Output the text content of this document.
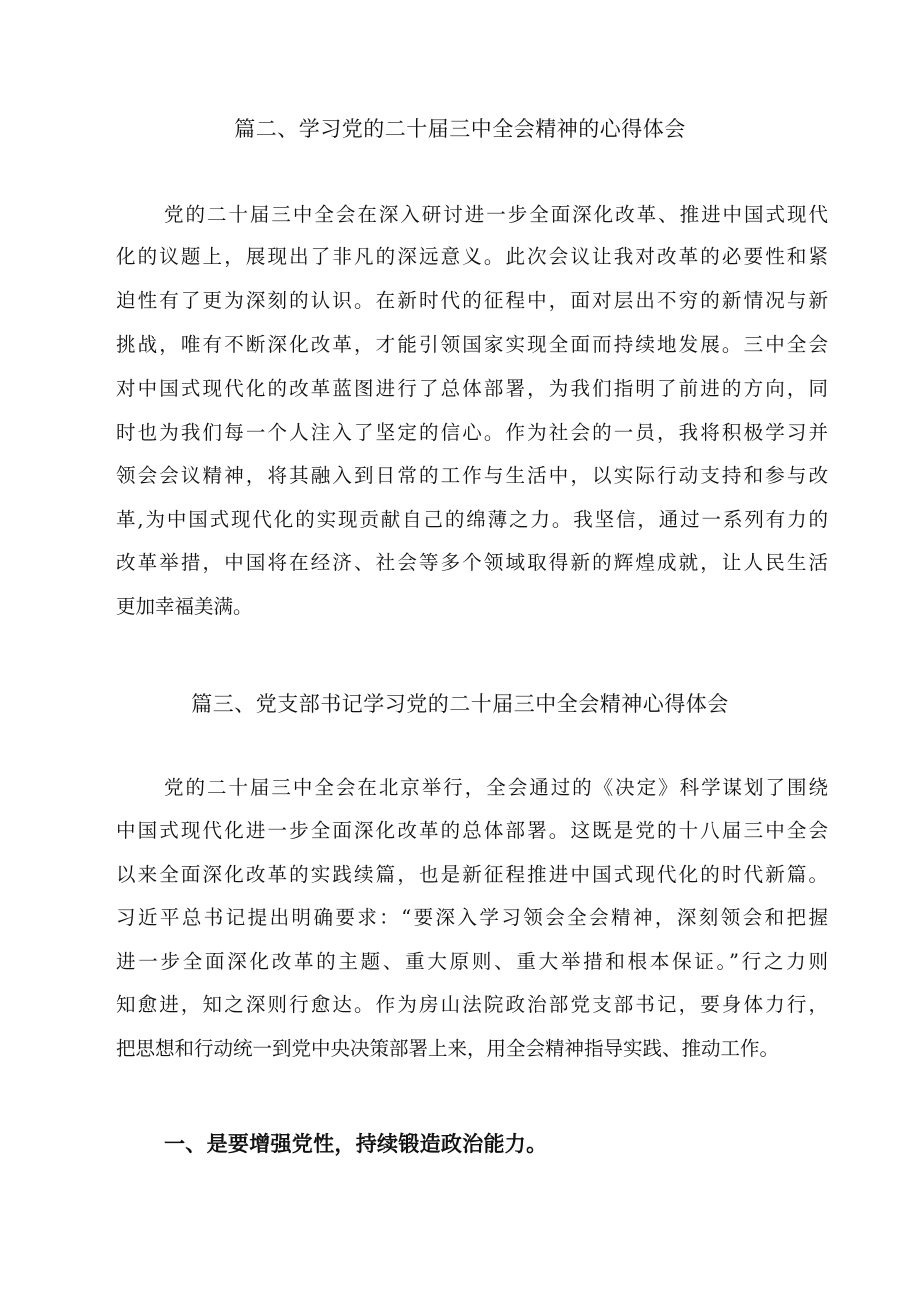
篇二、学习党的二十届三中全会精神的心得体会

党的二十届三中全会在深入研讨进一步全面深化改革、推进中国式现代

化的议题上，展现出了非凡的深远意义。此次会议让我对改革的必要性和紧

迫性有了更为深刻的认识。在新时代的征程中，面对层出不穷的新情况与新

挑战，唯有不断深化改革，才能引领国家实现全面而持续地发展。三中全会

对中国式现代化的改革蓝图进行了总体部署，为我们指明了前进的方向，同

时也为我们每一个人注入了坚定的信心。作为社会的一员，我将积极学习并

领会会议精神，将其融入到日常的工作与生活中，以实际行动支持和参与改

革,为中国式现代化的实现贡献自己的绵薄之力。我坚信，通过一系列有力的

改革举措，中国将在经济、社会等多个领域取得新的辉煌成就，让人民生活

更加幸福美满。

篇三、党支部书记学习党的二十届三中全会精神心得体会

党的二十届三中全会在北京举行，全会通过的《决定》科学谋划了围绕

中国式现代化进一步全面深化改革的总体部署。这既是党的十八届三中全会

以来全面深化改革的实践续篇，也是新征程推进中国式现代化的时代新篇。

习近平总书记提出明确要求：“要深入学习领会全会精神，深刻领会和把握

进一步全面深化改革的主题、重大原则、重大举措和根本保证。”行之力则

知愈进，知之深则行愈达。作为房山法院政治部党支部书记，要身体力行，

把思想和行动统一到党中央决策部署上来，用全会精神指导实践、推动工作。

一、是要增强党性，持续锻造政治能力。
